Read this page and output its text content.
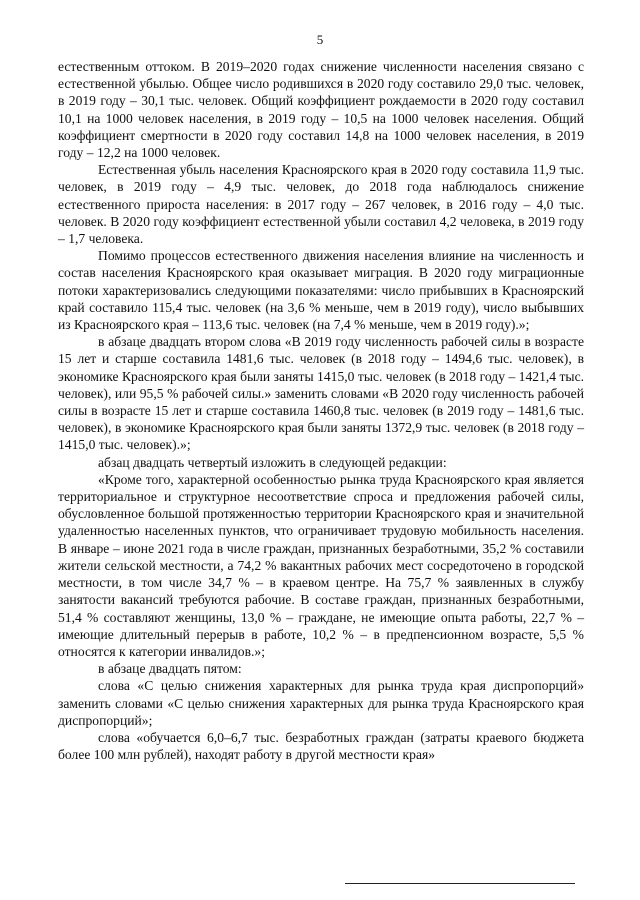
5

естественным оттоком. В 2019–2020 годах снижение численности населения связано с естественной убылью. Общее число родившихся в 2020 году составило 29,0 тыс. человек, в 2019 году – 30,1 тыс. человек. Общий коэффициент рождаемости в 2020 году составил 10,1 на 1000 человек населения, в 2019 году – 10,5 на 1000 человек населения. Общий коэффициент смертности в 2020 году составил 14,8 на 1000 человек населения, в 2019 году – 12,2 на 1000 человек.

Естественная убыль населения Красноярского края в 2020 году составила 11,9 тыс. человек, в 2019 году – 4,9 тыс. человек, до 2018 года наблюдалось снижение естественного прироста населения: в 2017 году – 267 человек, в 2016 году – 4,0 тыс. человек. В 2020 году коэффициент естественной убыли составил 4,2 человека, в 2019 году – 1,7 человека.

Помимо процессов естественного движения населения влияние на численность и состав населения Красноярского края оказывает миграция. В 2020 году миграционные потоки характеризовались следующими показателями: число прибывших в Красноярский край составило 115,4 тыс. человек (на 3,6 % меньше, чем в 2019 году), число выбывших из Красноярского края – 113,6 тыс. человек (на 7,4 % меньше, чем в 2019 году).»;

в абзаце двадцать втором слова «В 2019 году численность рабочей силы в возрасте 15 лет и старше составила 1481,6 тыс. человек (в 2018 году – 1494,6 тыс. человек), в экономике Красноярского края были заняты 1415,0 тыс. человек (в 2018 году – 1421,4 тыс. человек), или 95,5 % рабочей силы.» заменить словами «В 2020 году численность рабочей силы в возрасте 15 лет и старше составила 1460,8 тыс. человек (в 2019 году – 1481,6 тыс. человек), в экономике Красноярского края были заняты 1372,9 тыс. человек (в 2018 году – 1415,0 тыс. человек).»;

абзац двадцать четвертый изложить в следующей редакции:

«Кроме того, характерной особенностью рынка труда Красноярского края является территориальное и структурное несоответствие спроса и предложения рабочей силы, обусловленное большой протяженностью территории Красноярского края и значительной удаленностью населенных пунктов, что ограничивает трудовую мобильность населения. В январе – июне 2021 года в числе граждан, признанных безработными, 35,2 % составили жители сельской местности, а 74,2 % вакантных рабочих мест сосредоточено в городской местности, в том числе 34,7 % – в краевом центре. На 75,7 % заявленных в службу занятости вакансий требуются рабочие. В составе граждан, признанных безработными, 51,4 % составляют женщины, 13,0 % – граждане, не имеющие опыта работы, 22,7 % – имеющие длительный перерыв в работе, 10,2 % – в предпенсионном возрасте, 5,5 % относятся к категории инвалидов.»;

в абзаце двадцать пятом:

слова «С целью снижения характерных для рынка труда края диспропорций» заменить словами «С целью снижения характерных для рынка труда Красноярского края диспропорций»;

слова «обучается 6,0–6,7 тыс. безработных граждан (затраты краевого бюджета более 100 млн рублей), находят работу в другой местности края»
